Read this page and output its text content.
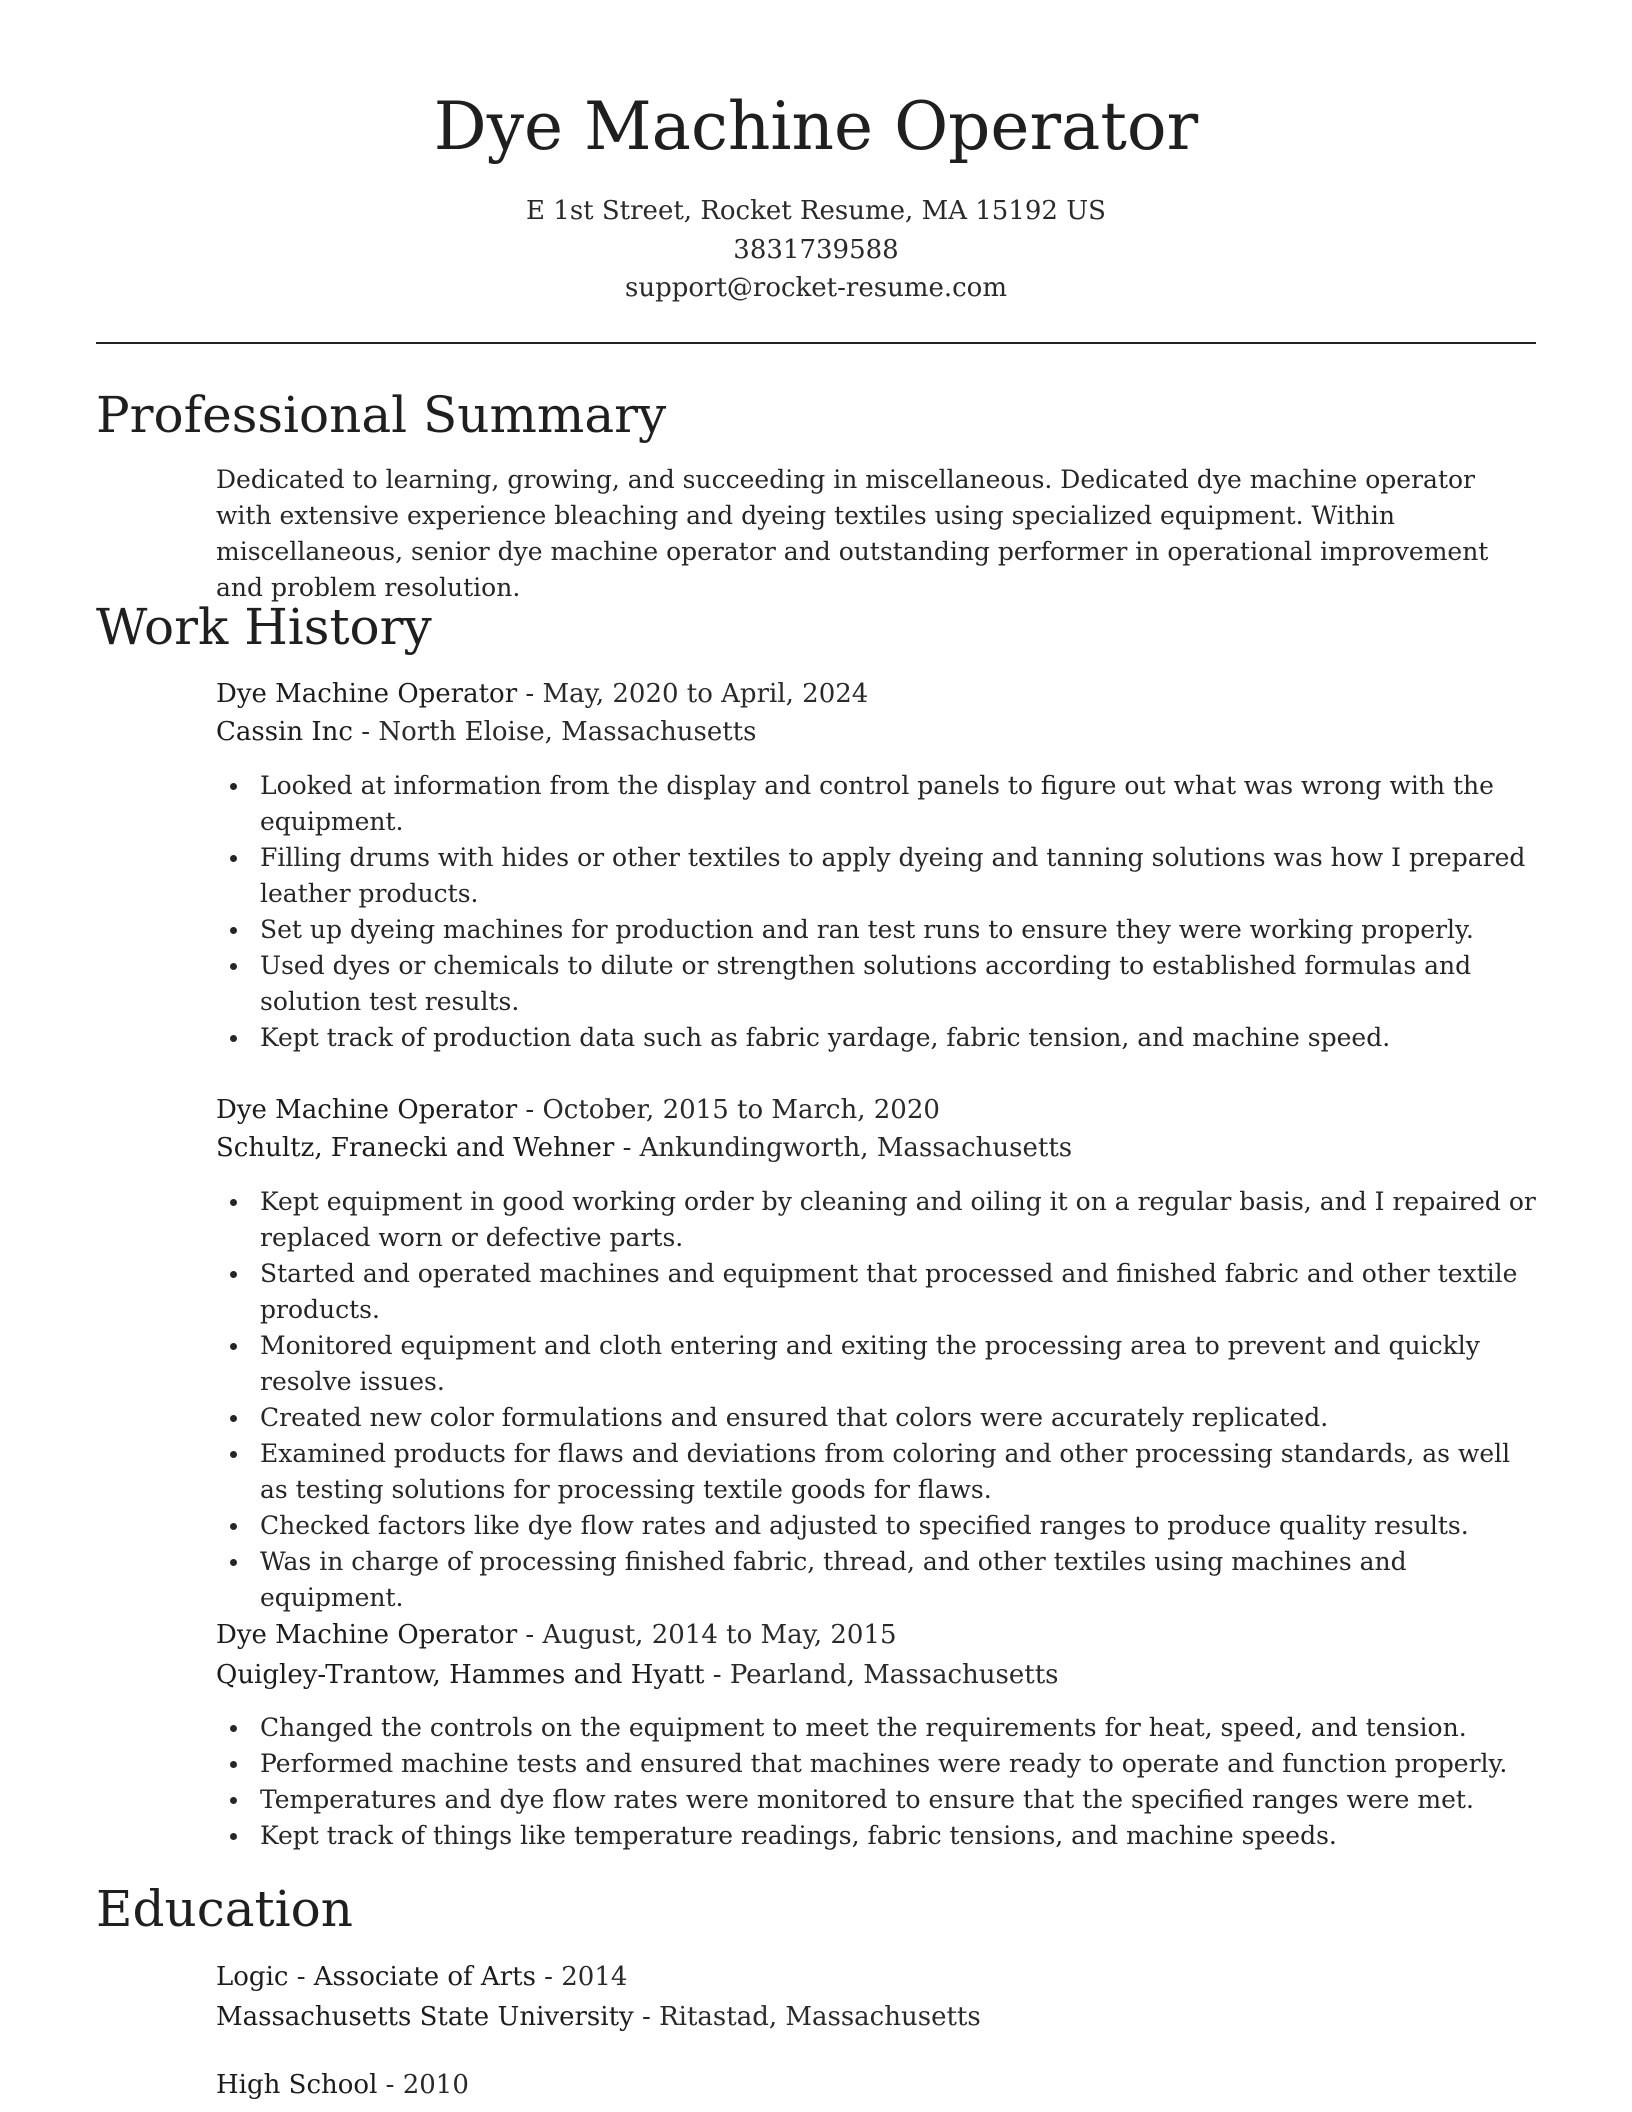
Dye Machine Operator
E 1st Street, Rocket Resume, MA 15192 US
3831739588
support@rocket-resume.com
Professional Summary
Dedicated to learning, growing, and succeeding in miscellaneous. Dedicated dye machine operator with extensive experience bleaching and dyeing textiles using specialized equipment. Within miscellaneous, senior dye machine operator and outstanding performer in operational improvement and problem resolution.
Work History
Dye Machine Operator - May, 2020 to April, 2024
Cassin Inc - North Eloise, Massachusetts
Looked at information from the display and control panels to figure out what was wrong with the equipment.
Filling drums with hides or other textiles to apply dyeing and tanning solutions was how I prepared leather products.
Set up dyeing machines for production and ran test runs to ensure they were working properly.
Used dyes or chemicals to dilute or strengthen solutions according to established formulas and solution test results.
Kept track of production data such as fabric yardage, fabric tension, and machine speed.
Dye Machine Operator - October, 2015 to March, 2020
Schultz, Franecki and Wehner - Ankundingworth, Massachusetts
Kept equipment in good working order by cleaning and oiling it on a regular basis, and I repaired or replaced worn or defective parts.
Started and operated machines and equipment that processed and finished fabric and other textile products.
Monitored equipment and cloth entering and exiting the processing area to prevent and quickly resolve issues.
Created new color formulations and ensured that colors were accurately replicated.
Examined products for flaws and deviations from coloring and other processing standards, as well as testing solutions for processing textile goods for flaws.
Checked factors like dye flow rates and adjusted to specified ranges to produce quality results.
Was in charge of processing finished fabric, thread, and other textiles using machines and equipment.
Dye Machine Operator - August, 2014 to May, 2015
Quigley-Trantow, Hammes and Hyatt - Pearland, Massachusetts
Changed the controls on the equipment to meet the requirements for heat, speed, and tension.
Performed machine tests and ensured that machines were ready to operate and function properly.
Temperatures and dye flow rates were monitored to ensure that the specified ranges were met.
Kept track of things like temperature readings, fabric tensions, and machine speeds.
Education
Logic - Associate of Arts - 2014
Massachusetts State University - Ritastad, Massachusetts
High School - 2010
